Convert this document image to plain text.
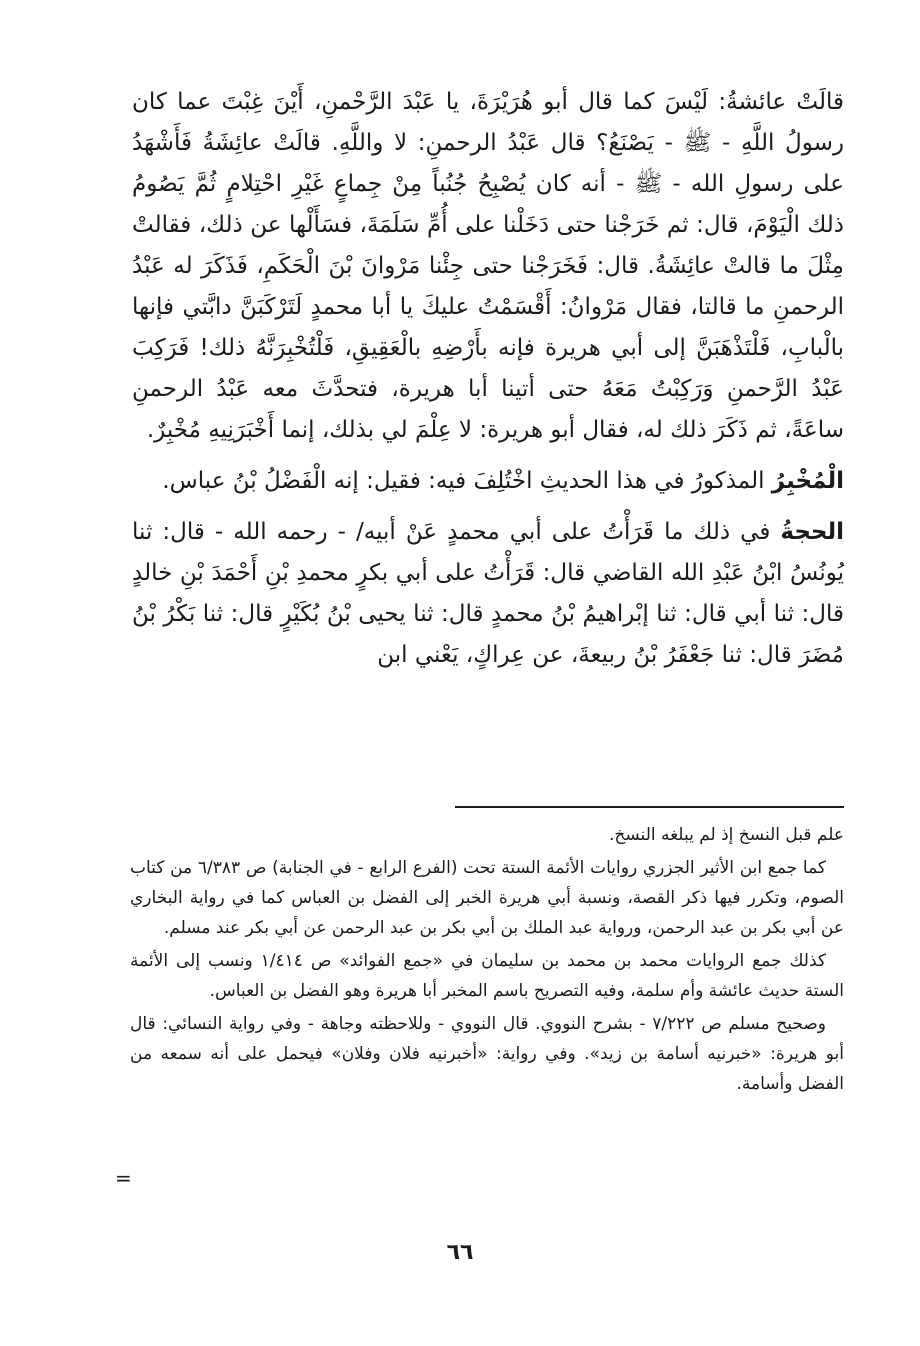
قالَتْ عائشةُ: لَيْسَ كما قال أبو هُرَيْرَةَ، يا عَبْدَ الرَّحْمنِ، أَيْنَ غِبْتَ عما كان رسولُ اللَّهِ - ﷺ - يَصْنَعُ؟ قال عَبْدُ الرحمنِ: لا واللَّهِ. قالَتْ عائِشَةُ فَأَشْهَدُ على رسولِ الله - ﷺ - أنه كان يُصْبِحُ جُنُباً مِنْ جِماعٍ غَيْرِ احْتِلامٍ ثُمَّ يَصُومُ ذلك الْيَوْمَ، قال: ثم خَرَجْنا حتى دَخَلْنا على أُمِّ سَلَمَةَ، فسَأَلْها عن ذلك، فقالتْ مِثْلَ ما قالتْ عائِشَةُ. قال: فَخَرَجْنا حتى جِئْنا مَرْوانَ بْنَ الْحَكَمِ، فَذَكَرَ له عَبْدُ الرحمنِ ما قالتا، فقال مَرْوانُ: أَقْسَمْتُ عليكَ يا أبا محمدٍ لَتَرْكَبَنَّ دابَّتي فإنها بالْبابِ، فَلْتَذْهَبَنَّ إلى أبي هريرة فإنه بأَرْضِهِ بالْعَقِيقِ، فَلْتُخْبِرَنَّهُ ذلك! فَرَكِبَ عَبْدُ الرَّحمنِ وَرَكِبْتُ مَعَهُ حتى أتينا أبا هريرة، فتحدَّثَ معه عَبْدُ الرحمنِ ساعَةً، ثم ذَكَرَ ذلك له، فقال أبو هريرة: لا عِلْمَ لي بذلك، إنما أَخْبَرَنِيهِ مُخْبِرٌ.

الْمُخْبِرُ المذكورُ في هذا الحديثِ اخْتُلِفَ فيه: فقيل: إنه الْفَضْلُ بْنُ عباس.

الحجةُ في ذلك ما قَرَأْتُ على أبي محمدٍ عَنْ أبيه/ - رحمه الله - قال: ثنا يُونُسُ ابْنُ عَبْدِ الله القاضي قال: قَرَأْتُ على أبي بكرٍ محمدِ بْنِ أَحْمَدَ بْنِ خالدٍ قال: ثنا أبي قال: ثنا إبْراهيمُ بْنُ محمدٍ قال: ثنا يحيى بْنُ بُكَيْرٍ قال: ثنا بَكْرُ بْنُ مُضَرَ قال: ثنا جَعْفَرُ بْنُ ربيعةَ، عن عِراكٍ، يَعْني ابن

علم قبل النسخ إذ لم يبلغه النسخ.

كما جمع ابن الأثير الجزري روايات الأئمة الستة تحت (الفرع الرابع - في الجنابة) ص ٦/٣٨٣ من كتاب الصوم، وتكرر فيها ذكر القصة، ونسبة أبي هريرة الخبر إلى الفضل بن العباس كما في رواية البخاري عن أبي بكر بن عبد الرحمن، ورواية عبد الملك بن أبي بكر بن عبد الرحمن عن أبي بكر عند مسلم.

كذلك جمع الروايات محمد بن محمد بن سليمان في «جمع الفوائد» ص ١/٤١٤ ونسب إلى الأئمة الستة حديث عائشة وأم سلمة، وفيه التصريح باسم المخبر أبا هريرة وهو الفضل بن العباس.

وصحيح مسلم ص ٧/٢٢٢ - بشرح النووي. قال النووي - وللاحظته وجاهة - وفي رواية النسائي: قال أبو هريرة: «خبرنيه أسامة بن زيد». وفي رواية: «أخبرنيه فلان وفلان» فيحمل على أنه سمعه من الفضل وأسامة.

=
٦٦
